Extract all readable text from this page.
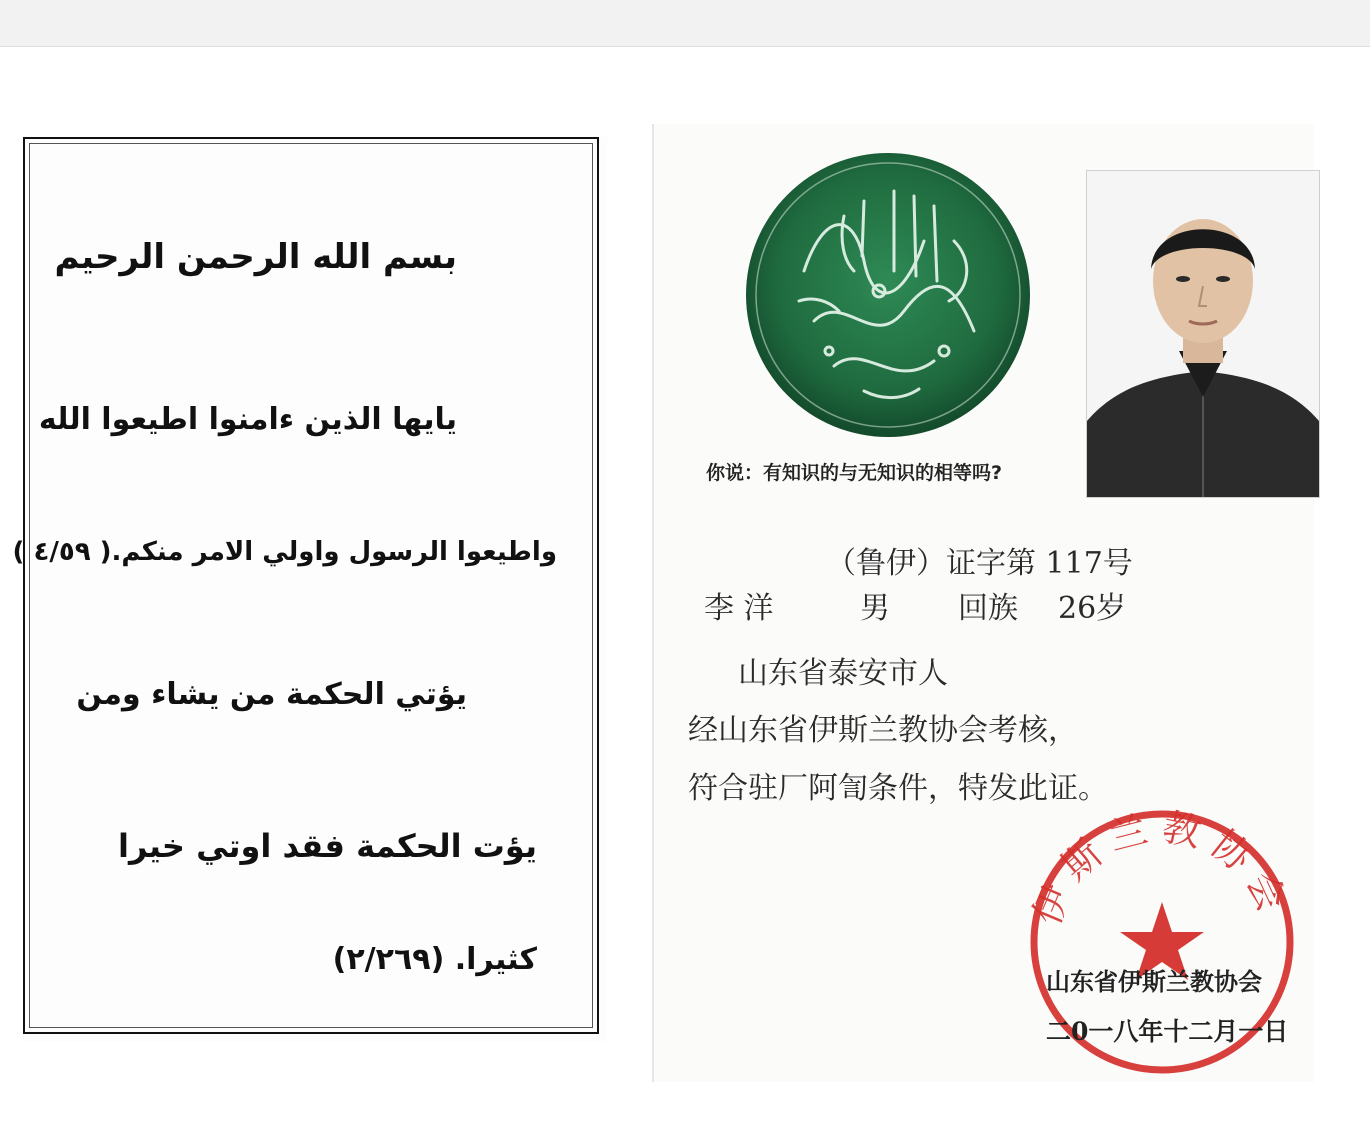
بسم الله الرحمن الرحيم
يايها الذين ءامنوا اطيعوا الله
واطيعوا الرسول واولي الامر منكم.( ٤/٥٩ )
يؤتي الحكمة من يشاء ومن
يؤت الحكمة فقد اوتي خيرا
كثيرا. (٢/٢٦٩)
你说：有知识的与无知识的相等吗?
（鲁伊）证字第 117号
李 洋	男 回族 26岁
山东省泰安市人
经山东省伊斯兰教协会考核，
符合驻厂阿訇条件，特发此证。
伊斯兰教协会
山东省伊斯兰教协会
二0一八年十二月一日
